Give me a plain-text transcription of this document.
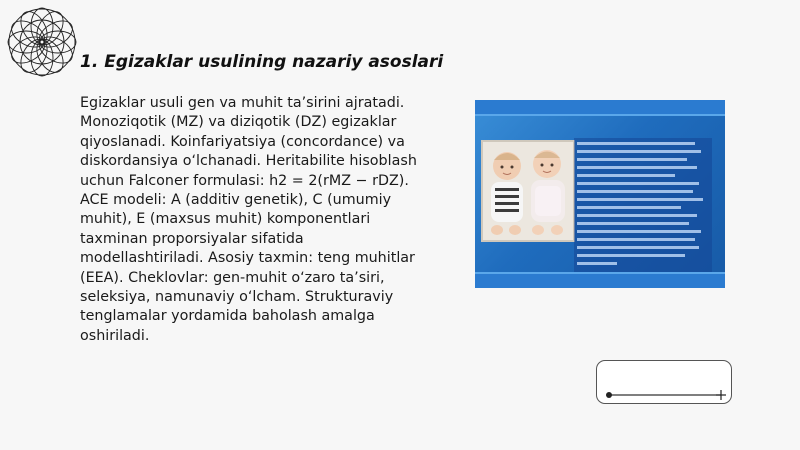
1. Egizaklar usulining nazariy asoslari

Egizaklar usuli gen va muhit ta’sirini ajratadi. Monoziqotik (MZ) va diziqotik (DZ) egizaklar qiyoslanadi. Koinfariyatsiya (concordance) va diskordansiya o‘lchanadi. Heritabilite hisoblash uchun Falconer formulasi: h2 = 2(rMZ − rDZ). ACE modeli: A (additiv genetik), C (umumiy muhit), E (maxsus muhit) komponentlari taxminan proporsiyalar sifatida modellashtiriladi. Asosiy taxmin: teng muhitlar (EEA). Cheklovlar: gen-muhit o‘zaro ta’siri, seleksiya, namunaviy o‘lcham. Strukturaviy tenglamalar yordamida baholash amalga oshiriladi.
